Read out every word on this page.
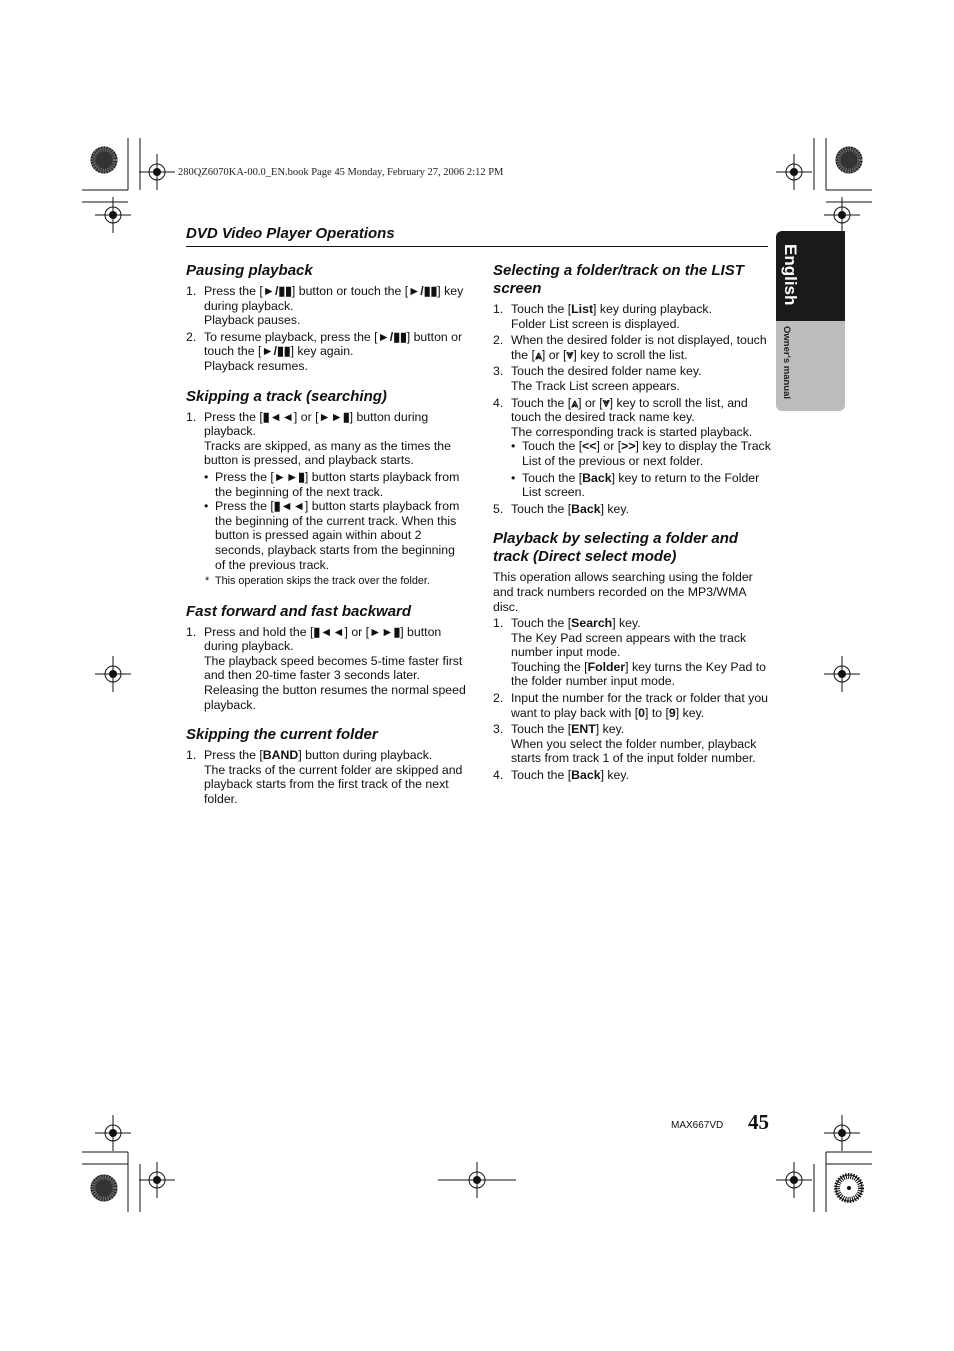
280QZ6070KA-00.0_EN.book Page 45 Monday, February 27, 2006 2:12 PM
DVD Video Player Operations
English
Owner's manual
Pausing playback
1. Press the [►/▮▮] button or touch the [►/▮▮] key during playback.
Playback pauses.
2. To resume playback, press the [►/▮▮] button or touch the [►/▮▮] key again.
Playback resumes.
Skipping a track (searching)
1. Press the [▮◄◄] or [►►▮] button during playback.
Tracks are skipped, as many as the times the button is pressed, and playback starts.
• Press the [►►▮] button starts playback from the beginning of the next track.
• Press the [▮◄◄] button starts playback from the beginning of the current track. When this button is pressed again within about 2 seconds, playback starts from the beginning of the previous track.
* This operation skips the track over the folder.
Fast forward and fast backward
1. Press and hold the [▮◄◄] or [►►▮] button during playback.
The playback speed becomes 5-time faster first and then 20-time faster 3 seconds later. Releasing the button resumes the normal speed playback.
Skipping the current folder
1. Press the [BAND] button during playback.
The tracks of the current folder are skipped and playback starts from the first track of the next folder.
Selecting a folder/track on the LIST screen
1. Touch the [List] key during playback.
Folder List screen is displayed.
2. When the desired folder is not displayed, touch the [⩓] or [⩔] key to scroll the list.
3. Touch the desired folder name key.
The Track List screen appears.
4. Touch the [⩓] or [⩔] key to scroll the list, and touch the desired track name key.
The corresponding track is started playback.
• Touch the [<<] or [>>] key to display the Track List of the previous or next folder.
• Touch the [Back] key to return to the Folder List screen.
5. Touch the [Back] key.
Playback by selecting a folder and track (Direct select mode)
This operation allows searching using the folder and track numbers recorded on the MP3/WMA disc.
1. Touch the [Search] key.
The Key Pad screen appears with the track number input mode.
Touching the [Folder] key turns the Key Pad to the folder number input mode.
2. Input the number for the track or folder that you want to play back with [0] to [9] key.
3. Touch the [ENT] key.
When you select the folder number, playback starts from track 1 of the input folder number.
4. Touch the [Back] key.
MAX667VD 45
